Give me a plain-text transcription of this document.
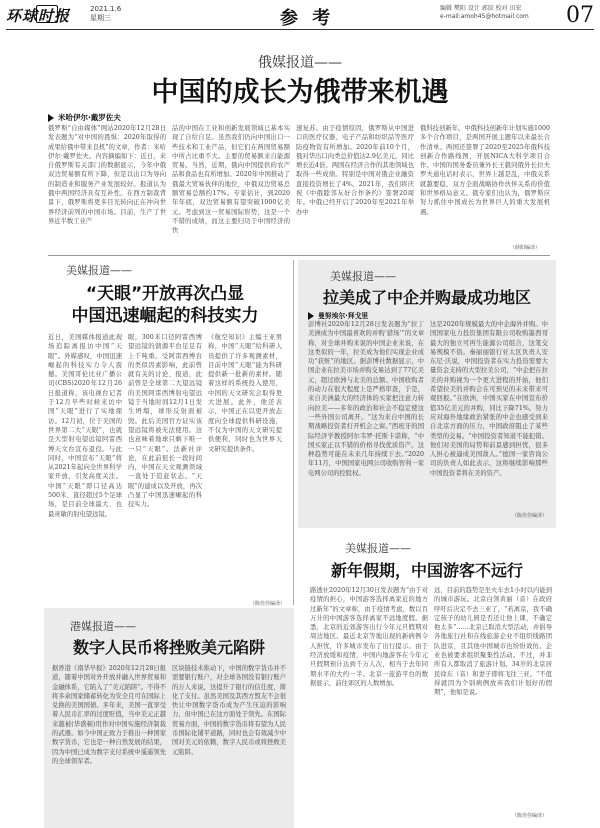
环球时报	2021.1.6
星期三	参 考	编辑 樊阳 设计 郭辰 校对 田宏
e-mail:amoh45@hotmail.com	07
俄媒报道——
中国的成长为俄带来机遇
米哈伊尔·戴罗佐夫
俄罗斯“自由媒体”网站2020年12月28日发表题为“对中国的畏惧：2020年取得的成果给俄中带来良机”的文章，作者：米哈伊尔·戴罗佐夫。内容摘编如下：近日，来自俄罗斯有关部门的数据显示，今年中俄双边贸易额有所下降，但是以出口为导向的制造业和服务产业发展较好。报道认为俄中两国经济具有互补性。在西方制裁背景下，俄罗斯将更多目光转向正在冲向世界经济前列的中国市场。目前，生产了世界近半数工业产
品的中国在工业和创新发展领域已基本实现了自给自足。虽然我们仍向中国出口一些技术和工业产品，但它们在两国贸易额中所占比重不大。主要的贸易额来自能源贸易。当然，近期，俄向中国提供的农产品和食品也有所增加。2020年中国推动了俄最大贸易伙伴的地位，中俄双边贸易总额贸易总额约17%。专家估计，到2020年年底，双边贸易额有望突破1000亿美元。考虑到这一贸易国际形势，这是一个不错的成绩，而这主要归功于中国经济的快
速复苏。由于疫情原因，俄罗斯从中国进口的医疗仪器、电子产品和纺织品等医疗防疫物资有所增加。2020年前10个月，俄对华出口肉类总价值达2.9亿美元，同比增长近4倍。两国在经济合作的其他领域也取得一些成绩。特别是中国对俄企业融资直接投资增长了4%。2021年，我们将庆祝《中俄睦邻友好合作条约》签署20周年。中俄已经开启了2020年至2021年举办中
俄科技创新年。中俄科技创新年计划实施1000多个合作项目，是两国开展主题年以来最长合作清单。两国还签署了2020至2025年俄科技创新合作路线图，开展NICA大科学项目合作。中国的国务委员兼外长王毅同俄外长拉夫罗夫通电话时表示，世界上越是乱，中俄关系就越要稳，双方全面战略协作伙伴关系的价值和世界格局意义。俄专家们也认为，俄罗斯应努力抓住中国成长为世界巨人的重大发展机遇。
（薛阳编译）
美媒报道——
“天眼”开放再次凸显
中国迅速崛起的科技实力
近日，美国媒体报道此现场追踪离报访中国“天眼”。外媒感叹，中国迅速崛起的科技实力令人震撼。美国哥伦比亚广播公司(CBS)2020年12月26日报道称，该电视台记者于12月早些时候来访中国“天眼”进行了实地探访。12月初，位于美国的世界第二大“天眼”，也就是大型射电望远镜阿雷西博天文台宣布退役。与此同时，中国宣布“天眼”将从2021年起向全世界科学家开放，引发高度关注。中国“天眼”即口径高达500米、直径超过5个足球场，是目前全球最大、也最灵敏的射电望远镜。
眼，300米口径阿雷西博望远镜的馈源平台足足有上千吨重。受阿雷西博台的类似因素影响，此前曾就有关的讨论、报道，此前曾是全球第二大望远镜的美国阿雷西博射电望远镜于当地时间12月1日发生坍塌，球形反射面被毁。此后美国官方证实该望远镜将被无法使用。这也意味着地球只剩下唯一一只“天眼”。法新社评论，在此前很长一段时间内，中国在天文观测领域一直处于追赶状态。“天眼”的建成以及开放，再次凸显了中国迅速崛起的科技实力。
《航空知识》主编王亚男称，中国“天眼”给科研人员提供了许多观测素材，目前中国“天眼”能为科研提供新一批新的素材。随着这样的系统投入使用，中国的天文研究会取得更大进展。此外，他还表示，中国正在以更开放态度向全球提供科研设施，不仅为中国的天文研究提供便利，同时也为世界天文研究提供条件。
（陈佳佳编译）
美媒报道——
拉美成了中企并购最成功地区
曼努埃尔·拜戈里
彭博社2020年12月28日发表题为“拉丁美洲成为中国最喜欢的并购‘猎场’”的文章称，对全球并购来说的中国企业来说，在这类似的一年，拉美成为他们实现企业成功“获赃”的地区。据彭博社数据显示，中国企业在拉美市场并购交易达到了77亿美元，超过欧洲与北美的总额。中国收购者的动力在很大程度上是严格审查，于是，来自美洲最大的经济体的买家把注意力转向拉美——多年的政治和社会不稳定使这一些外国公司离开。“这为来自中国的长期战略投资者打开机会之窗。”西班牙的国际经济学教授阿尔韦罗·托斯卡诺称，“中国买家正以不错的价格寻找优质资产。这种趋势可能在未来几年持续下去。”2020年11月，中国国家电网公司收购智利一家电网公司的控股权。
这是2020年规模最大的中企海外并购。中国国家电力投资集团有限公司收购墨西哥最大的独立可再生能源公司组合，这笔交易规模不俗。秦丽丽银行亚太区负责人安东尼·沃说，中国投资者在实力投资需要大量资金支持的大型拉美公司，“中企把在拉美的并购视为一个更大进程的开始，他们希望拉美的并购会在可预见的未来带来可观回报。”在欧洲，中国买家在中国宣布价值35亿美元的并购，同比下降71%。努力应对海外地缘政治紧张的中企也感受到来自北京方面的压力，中国政府阻止了某些类型的交易。“中国投资者知道不能犯错。他们对美国的局势和前景感到担忧，很多人担心被逼成美国敌人。”德国一家咨询公司的负责人如此表示，这将继续影响那些中国投资者将在美的资产。
（陈佳佳编译）
港媒报道——
数字人民币将挫败美元陷阱
据香港《南华早报》2020年12月28日报道，随着中国对外开放并融入世界贸易和金融体系，它陷入了“美元陷阱”。不得不将多余国家储蓄转化为安全且可在国际上兑换的美国国债。多年来，美国一直享受着人民币汇率的过度贬值，当中美元正越来越被(华盛顿)用作对中国实施经济制裁的武器。如今中国正致力于推出一种国家数字货币，它也是一种自然发展的结果，因为中国已成为数字支付系统中遥遥领先的全球领军者。
区块链技术推动下，中国的数字货币并不需要银行账户，对全球各国没有银行账户的万人来说，这提升了银行的信任度，简化了支付。虽然美国及其西方盟友不会很快让中国数字货币成为产生压迫的影响力，但中国已在这方面处于领先。在国际贸易方面，中国的数字货币将有望为人民币国际化铺平道路，同时也会有效减少中国对美元的依赖，数字人民币或将挫败美元陷阱。
美媒报道——
新年假期，中国游客不远行
路透社2020年12月30日发表题为“由于对疫情的担心，中国游客选择离家近的地方过新年”的文章称，由于疫情考虑，数以百万计的中国游客选择离家不远地度假。据悉，北京的近郊游客出行今年元旦假期对周边地区。最近北京等地出现的新病例令人担忧，许多城市发布了出行提示。由于经济放缓和疫情，中国内地游客在今年元旦假期预计达到千万人次，相当于去年同期水平的大约一半。北京一旅游平台的数据显示，前往郊区的人数增加。
远，目前的趋势是坐火车去1小时以内能到的城市游玩。北京白领黄丽（音）在政府呼吁后决定不去三亚了，“若离京，我不确定孩子的幼儿园是否还让他上课，不确定他太多”……北京已取消大型活动，并倡导各地旅行社和在线旅游企业不组织线路团队进京，且其他中国城市也纷纷效仿。企业也被要求组织聚集性活动。不过，并非所有人都取消了旅游计划。34岁的北京居民徐东（音）和妻子即将飞往三亚。“不值得就因为个别病例放弃我们计划好的假期”，他如是说。
（陈佳佳编译）
